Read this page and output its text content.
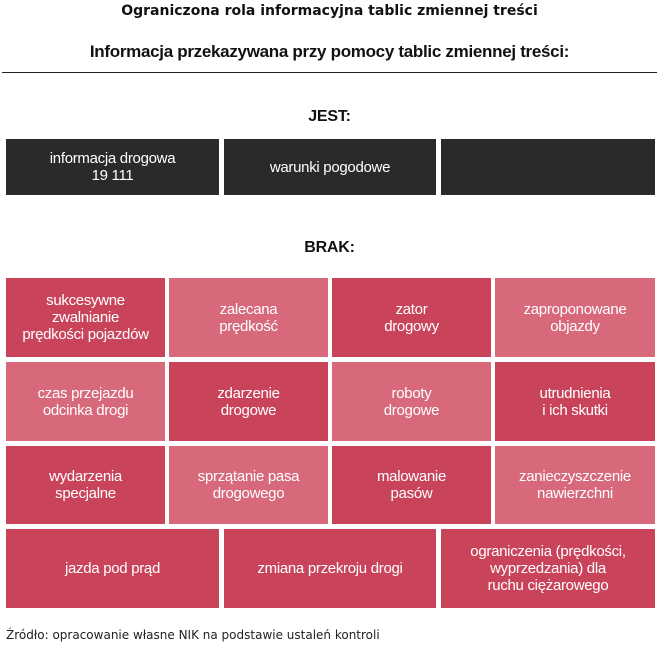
Ograniczona rola informacyjna tablic zmiennej treści
Informacja przekazywana przy pomocy tablic zmiennej treści:
JEST:
informacja drogowa
19 111	warunki pogodowe
BRAK:
sukcesywne
zwalnianie
prędkości pojazdów
zalecana
prędkość
zator
drogowy
zaproponowane
objazdy
czas przejazdu
odcinka drogi
zdarzenie
drogowe
roboty
drogowe
utrudnienia
i ich skutki
wydarzenia
specjalne
sprzątanie pasa
drogowego
malowanie
pasów
zanieczyszczenie
nawierzchni
jazda pod prąd	zmiana przekroju drogi
ograniczenia (prędkości,
wyprzedzania) dla
ruchu ciężarowego
Źródło: opracowanie własne NIK na podstawie ustaleń kontroli
